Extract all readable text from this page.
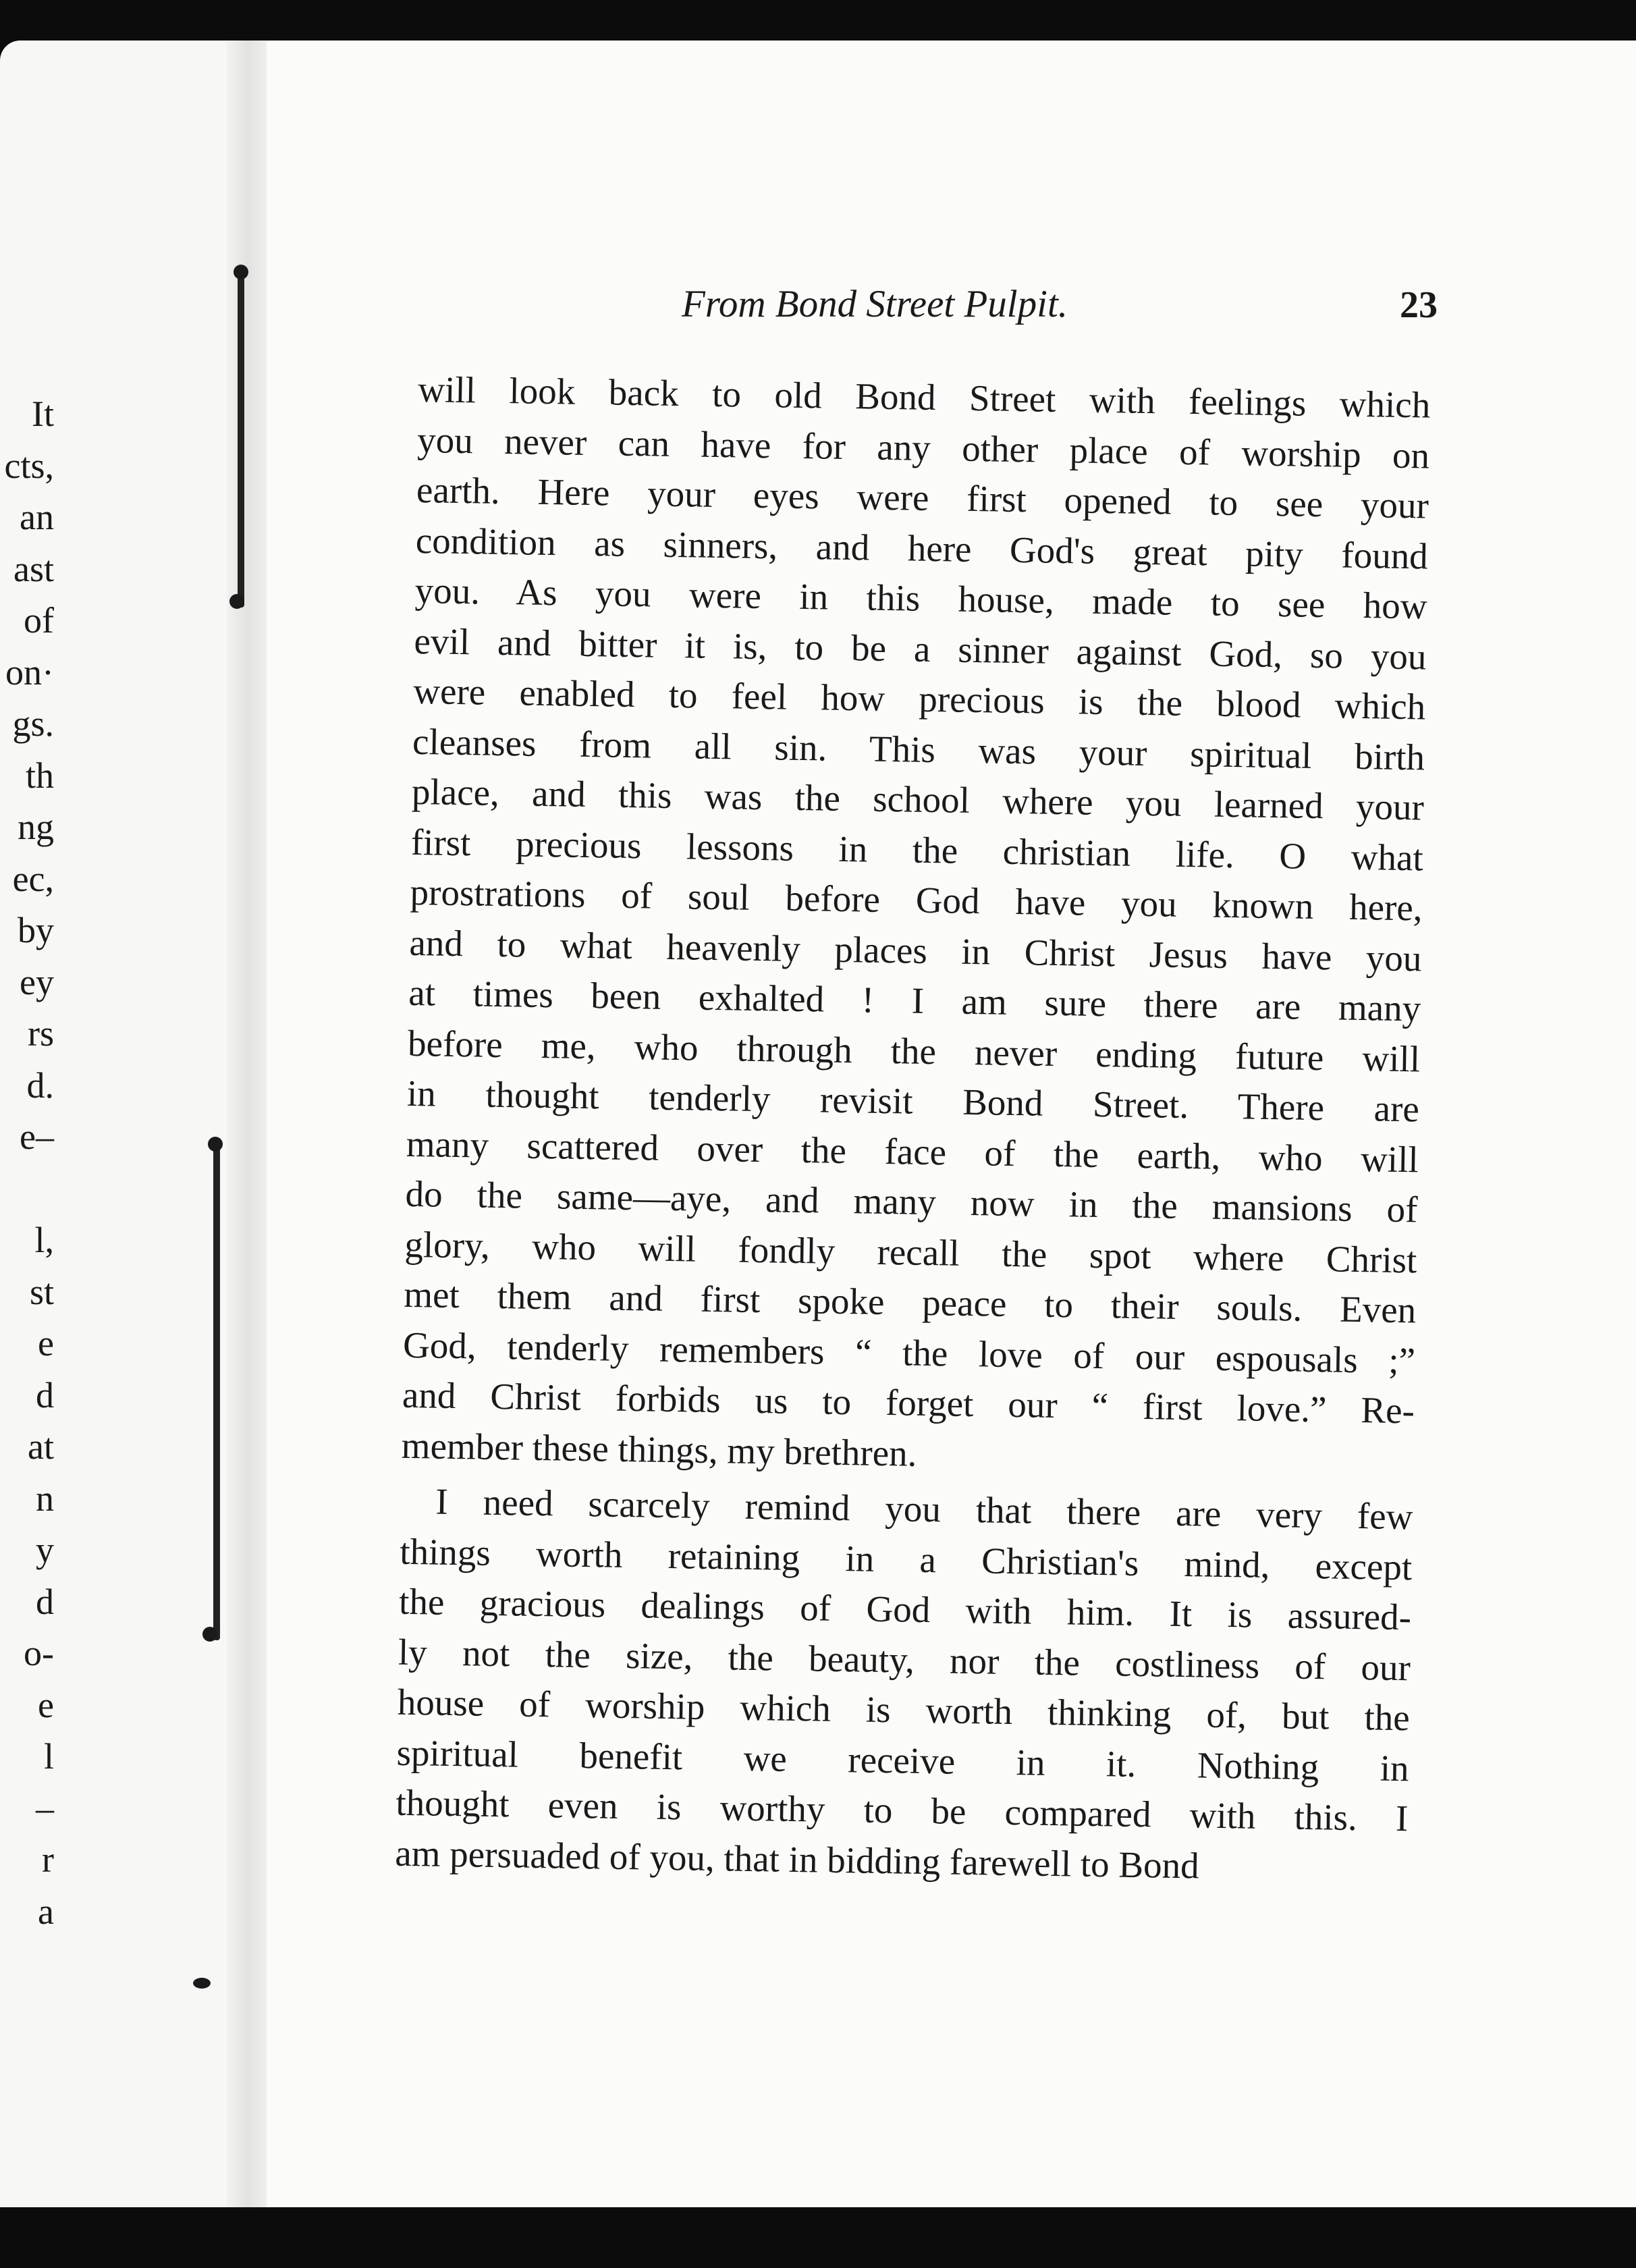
It
cts,
an
ast
of
on·
gs.
th
ng
ec,
by
ey
rs
d.
e–
l,
st
e
d
at
n
y
d
o-
e
l
–
r
a
From Bond Street Pulpit.	23
will look back to old Bond Street with feelings which
you never can have for any other place of worship on
earth. Here your eyes were first opened to see your
condition as sinners, and here God's great pity found
you. As you were in this house, made to see how
evil and bitter it is, to be a sinner against God, so you
were enabled to feel how precious is the blood which
cleanses from all sin. This was your spiritual birth
place, and this was the school where you learned your
first precious lessons in the christian life. O what
prostrations of soul before God have you known here,
and to what heavenly places in Christ Jesus have you
at times been exhalted ! I am sure there are many
before me, who through the never ending future will
in thought tenderly revisit Bond Street. There are
many scattered over the face of the earth, who will
do the same—aye, and many now in the mansions of
glory, who will fondly recall the spot where Christ
met them and first spoke peace to their souls. Even
God, tenderly remembers “ the love of our espousals ;”
and Christ forbids us to forget our “ first love.” Re-
member these things, my brethren.
I need scarcely remind you that there are very few
things worth retaining in a Christian's mind, except
the gracious dealings of God with him. It is assured-
ly not the size, the beauty, nor the costliness of our
house of worship which is worth thinking of, but the
spiritual benefit we receive in it. Nothing in
thought even is worthy to be compared with this. I
am persuaded of you, that in bidding farewell to Bond
